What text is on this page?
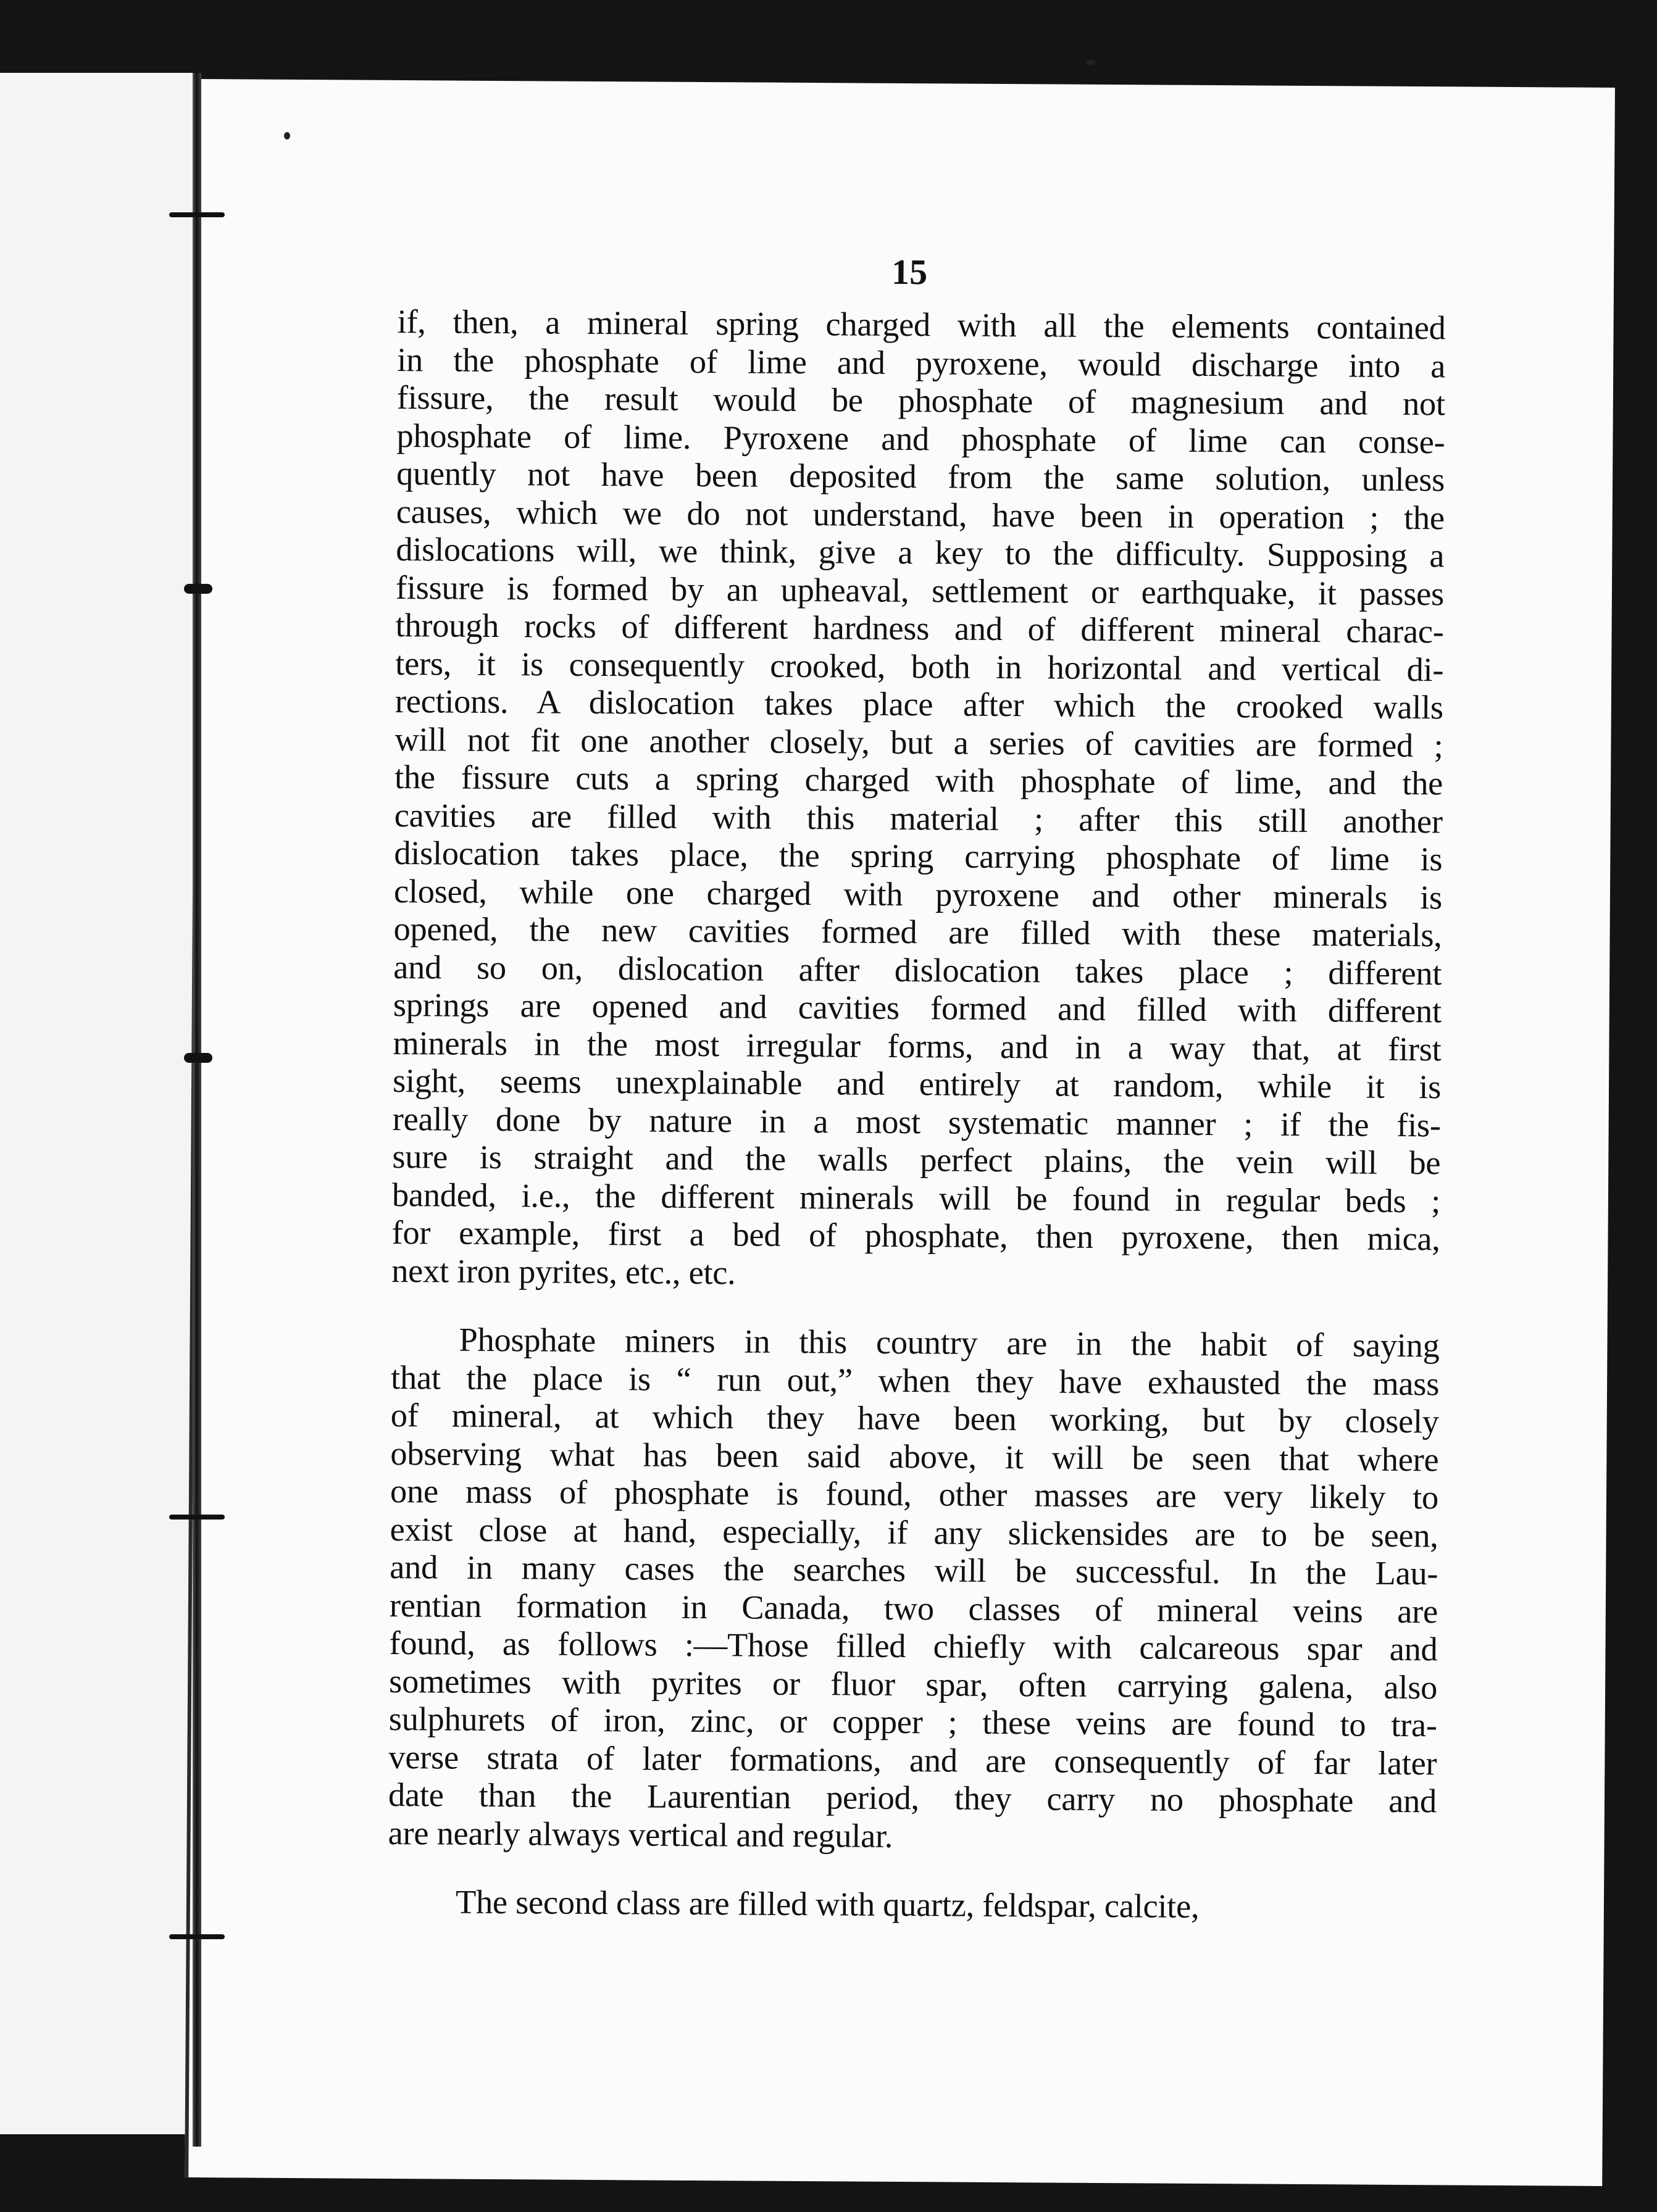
15
if, then, a mineral spring charged with all the elements contained
in the phosphate of lime and pyroxene, would discharge into a
fissure, the result would be phosphate of magnesium and not
phosphate of lime. Pyroxene and phosphate of lime can conse-
quently not have been deposited from the same solution, unless
causes, which we do not understand, have been in operation ; the
dislocations will, we think, give a key to the difficulty. Supposing a
fissure is formed by an upheaval, settlement or earthquake, it passes
through rocks of different hardness and of different mineral charac-
ters, it is consequently crooked, both in horizontal and vertical di-
rections. A dislocation takes place after which the crooked walls
will not fit one another closely, but a series of cavities are formed ;
the fissure cuts a spring charged with phosphate of lime, and the
cavities are filled with this material ; after this still another
dislocation takes place, the spring carrying phosphate of lime is
closed, while one charged with pyroxene and other minerals is
opened, the new cavities formed are filled with these materials,
and so on, dislocation after dislocation takes place ; different
springs are opened and cavities formed and filled with different
minerals in the most irregular forms, and in a way that, at first
sight, seems unexplainable and entirely at random, while it is
really done by nature in a most systematic manner ; if the fis-
sure is straight and the walls perfect plains, the vein will be
banded, i.e., the different minerals will be found in regular beds ;
for example, first a bed of phosphate, then pyroxene, then mica,
next iron pyrites, etc., etc.
Phosphate miners in this country are in the habit of saying
that the place is “ run out,” when they have exhausted the mass
of mineral, at which they have been working, but by closely
observing what has been said above, it will be seen that where
one mass of phosphate is found, other masses are very likely to
exist close at hand, especially, if any slickensides are to be seen,
and in many cases the searches will be successful. In the Lau-
rentian formation in Canada, two classes of mineral veins are
found, as follows :—Those filled chiefly with calcareous spar and
sometimes with pyrites or fluor spar, often carrying galena, also
sulphurets of iron, zinc, or copper ; these veins are found to tra-
verse strata of later formations, and are consequently of far later
date than the Laurentian period, they carry no phosphate and
are nearly always vertical and regular.
The second class are filled with quartz, feldspar, calcite,
